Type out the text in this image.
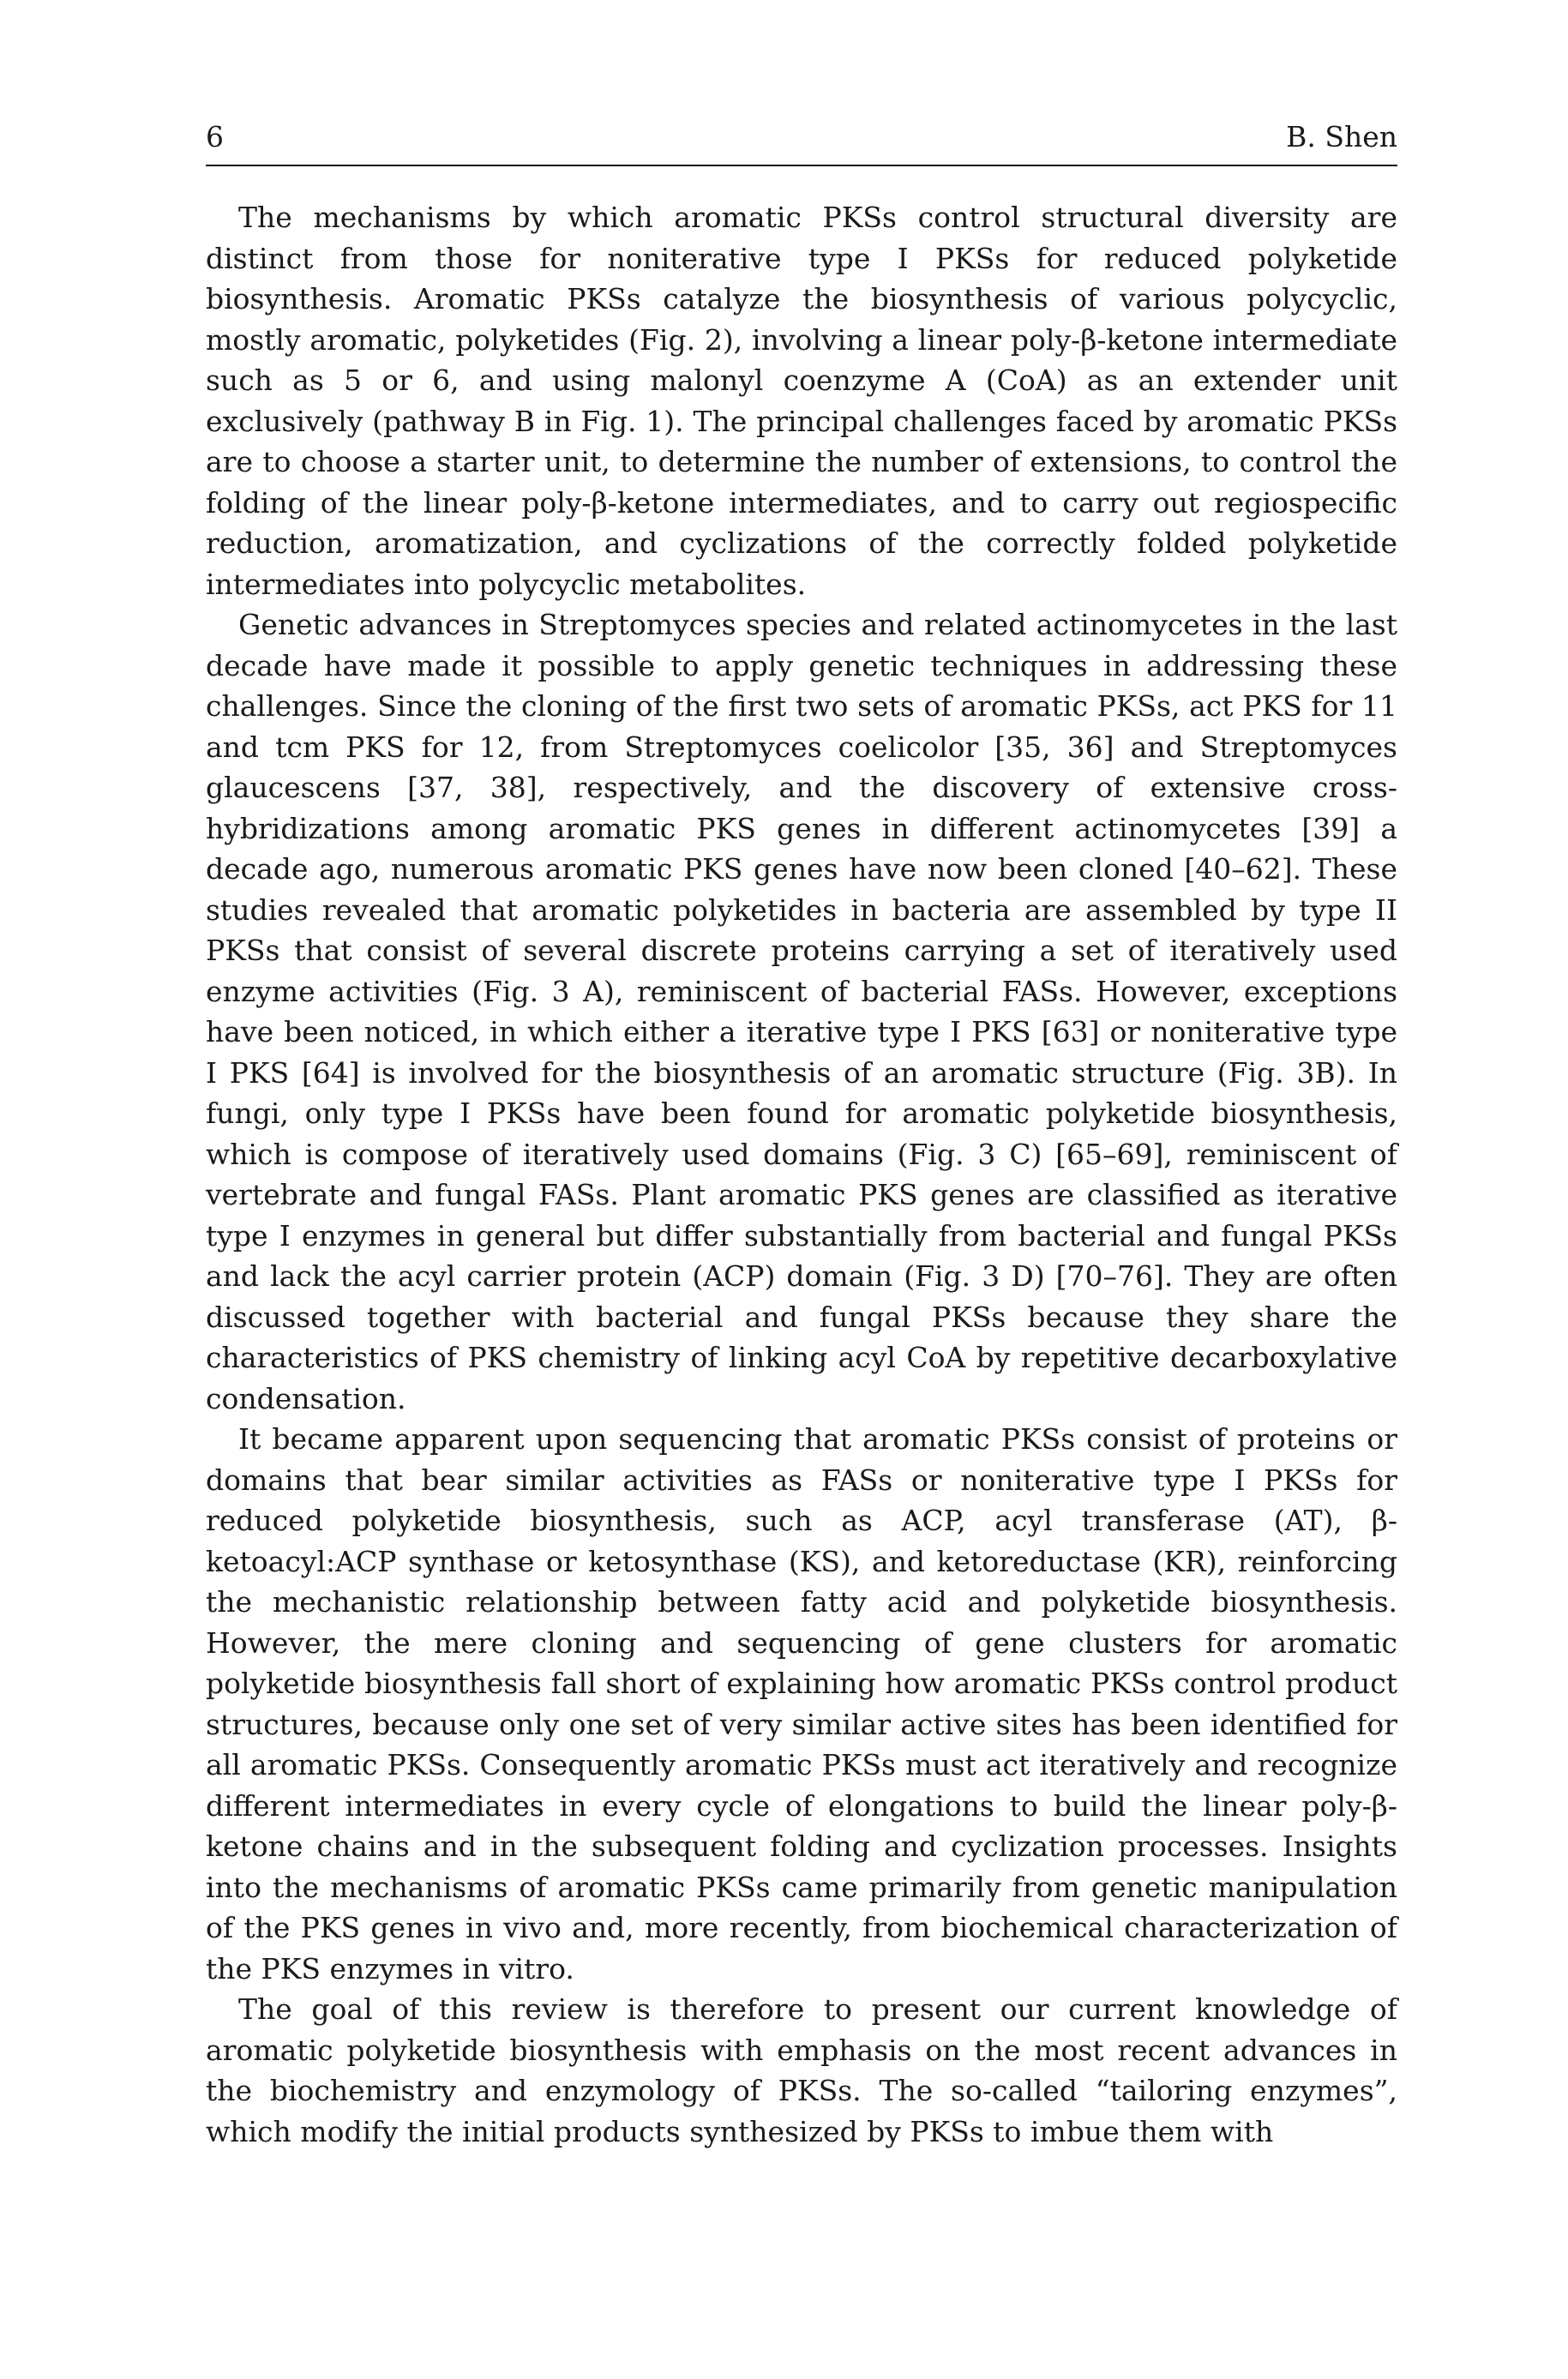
6	B. Shen

The mechanisms by which aromatic PKSs control structural diversity are distinct from those for noniterative type I PKSs for reduced polyketide biosynthesis. Aromatic PKSs catalyze the biosynthesis of various polycyclic, mostly aromatic, polyketides (Fig. 2), involving a linear poly-β-ketone intermediate such as 5 or 6, and using malonyl coenzyme A (CoA) as an extender unit exclusively (pathway B in Fig. 1). The principal challenges faced by aromatic PKSs are to choose a starter unit, to determine the number of extensions, to control the folding of the linear poly-β-ketone intermediates, and to carry out regiospecific reduction, aromatization, and cyclizations of the correctly folded polyketide intermediates into polycyclic metabolites.

Genetic advances in Streptomyces species and related actinomycetes in the last decade have made it possible to apply genetic techniques in addressing these challenges. Since the cloning of the first two sets of aromatic PKSs, act PKS for 11 and tcm PKS for 12, from Streptomyces coelicolor [35, 36] and Streptomyces glaucescens [37, 38], respectively, and the discovery of extensive cross-hybridizations among aromatic PKS genes in different actinomycetes [39] a decade ago, numerous aromatic PKS genes have now been cloned [40–62]. These studies revealed that aromatic polyketides in bacteria are assembled by type II PKSs that consist of several discrete proteins carrying a set of iteratively used enzyme activities (Fig. 3 A), reminiscent of bacterial FASs. However, exceptions have been noticed, in which either a iterative type I PKS [63] or noniterative type I PKS [64] is involved for the biosynthesis of an aromatic structure (Fig. 3B). In fungi, only type I PKSs have been found for aromatic polyketide biosynthesis, which is compose of iteratively used domains (Fig. 3 C) [65–69], reminiscent of vertebrate and fungal FASs. Plant aromatic PKS genes are classified as iterative type I enzymes in general but differ substantially from bacterial and fungal PKSs and lack the acyl carrier protein (ACP) domain (Fig. 3 D) [70–76]. They are often discussed together with bacterial and fungal PKSs because they share the characteristics of PKS chemistry of linking acyl CoA by repetitive decarboxylative condensation.

It became apparent upon sequencing that aromatic PKSs consist of proteins or domains that bear similar activities as FASs or noniterative type I PKSs for reduced polyketide biosynthesis, such as ACP, acyl transferase (AT), β-ketoacyl:ACP synthase or ketosynthase (KS), and ketoreductase (KR), reinforcing the mechanistic relationship between fatty acid and polyketide biosynthesis. However, the mere cloning and sequencing of gene clusters for aromatic polyketide biosynthesis fall short of explaining how aromatic PKSs control product structures, because only one set of very similar active sites has been identified for all aromatic PKSs. Consequently aromatic PKSs must act iteratively and recognize different intermediates in every cycle of elongations to build the linear poly-β-ketone chains and in the subsequent folding and cyclization processes. Insights into the mechanisms of aromatic PKSs came primarily from genetic manipulation of the PKS genes in vivo and, more recently, from biochemical characterization of the PKS enzymes in vitro.

The goal of this review is therefore to present our current knowledge of aromatic polyketide biosynthesis with emphasis on the most recent advances in the biochemistry and enzymology of PKSs. The so-called “tailoring enzymes”, which modify the initial products synthesized by PKSs to imbue them with
